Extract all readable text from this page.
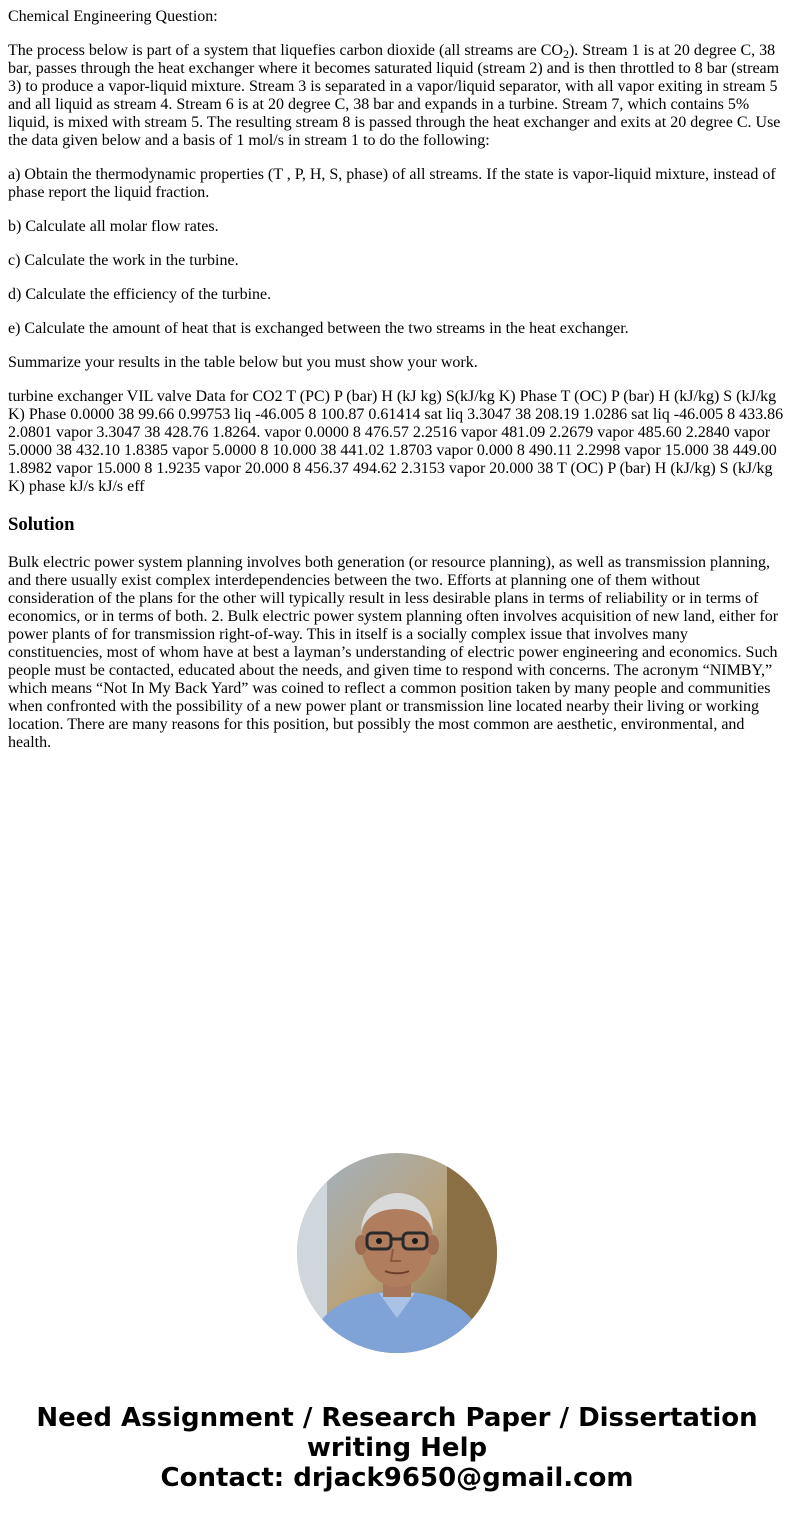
Chemical Engineering Question:

The process below is part of a system that liquefies carbon dioxide (all streams are $CO_2$). Stream 1 is at 20 degree C, 38 bar, passes through the heat exchanger where it becomes saturated liquid (stream 2) and is then throttled to 8 bar (stream 3) to produce a vapor-liquid mixture. Stream 3 is separated in a vapor/liquid separator, with all vapor exiting in stream 5 and all liquid as stream 4. Stream 6 is at 20 degree C, 38 bar and expands in a turbine. Stream 7, which contains 5% liquid, is mixed with stream 5. The resulting stream 8 is passed through the heat exchanger and exits at 20 degree C. Use the data given below and a basis of 1 mol/s in stream 1 to do the following:

a) Obtain the thermodynamic properties (T , P, H, S, phase) of all streams. If the state is vapor-liquid mixture, instead of phase report the liquid fraction.

b) Calculate all molar flow rates.

c) Calculate the work in the turbine.

d) Calculate the efficiency of the turbine.

e) Calculate the amount of heat that is exchanged between the two streams in the heat exchanger.

Summarize your results in the table below but you must show your work.

turbine exchanger VIL valve Data for CO2 T (PC) P (bar) H (kJ kg) S(kJ/kg K) Phase T (OC) P (bar) H (kJ/kg) S (kJ/kg K) Phase 0.0000 38 99.66 0.99753 liq -46.005 8 100.87 0.61414 sat liq 3.3047 38 208.19 1.0286 sat liq -46.005 8 433.86 2.0801 vapor 3.3047 38 428.76 1.8264. vapor 0.0000 8 476.57 2.2516 vapor 481.09 2.2679 vapor 485.60 2.2840 vapor 5.0000 38 432.10 1.8385 vapor 5.0000 8 10.000 38 441.02 1.8703 vapor 0.000 8 490.11 2.2998 vapor 15.000 38 449.00 1.8982 vapor 15.000 8 1.9235 vapor 20.000 8 456.37 494.62 2.3153 vapor 20.000 38 T (OC) P (bar) H (kJ/kg) S (kJ/kg K) phase kJ/s kJ/s eff

Solution

Bulk electric power system planning involves both generation (or resource planning), as well as transmission planning, and there usually exist complex interdependencies between the two. Efforts at planning one of them without consideration of the plans for the other will typically result in less desirable plans in terms of reliability or in terms of economics, or in terms of both. 2. Bulk electric power system planning often involves acquisition of new land, either for power plants of for transmission right-of-way. This in itself is a socially complex issue that involves many constituencies, most of whom have at best a layman’s understanding of electric power engineering and economics. Such people must be contacted, educated about the needs, and given time to respond with concerns. The acronym “NIMBY,” which means “Not In My Back Yard” was coined to reflect a common position taken by many people and communities when confronted with the possibility of a new power plant or transmission line located nearby their living or working location. There are many reasons for this position, but possibly the most common are aesthetic, environmental, and health.

Need Assignment / Research Paper / Dissertation
writing Help
Contact: drjack9650@gmail.com
